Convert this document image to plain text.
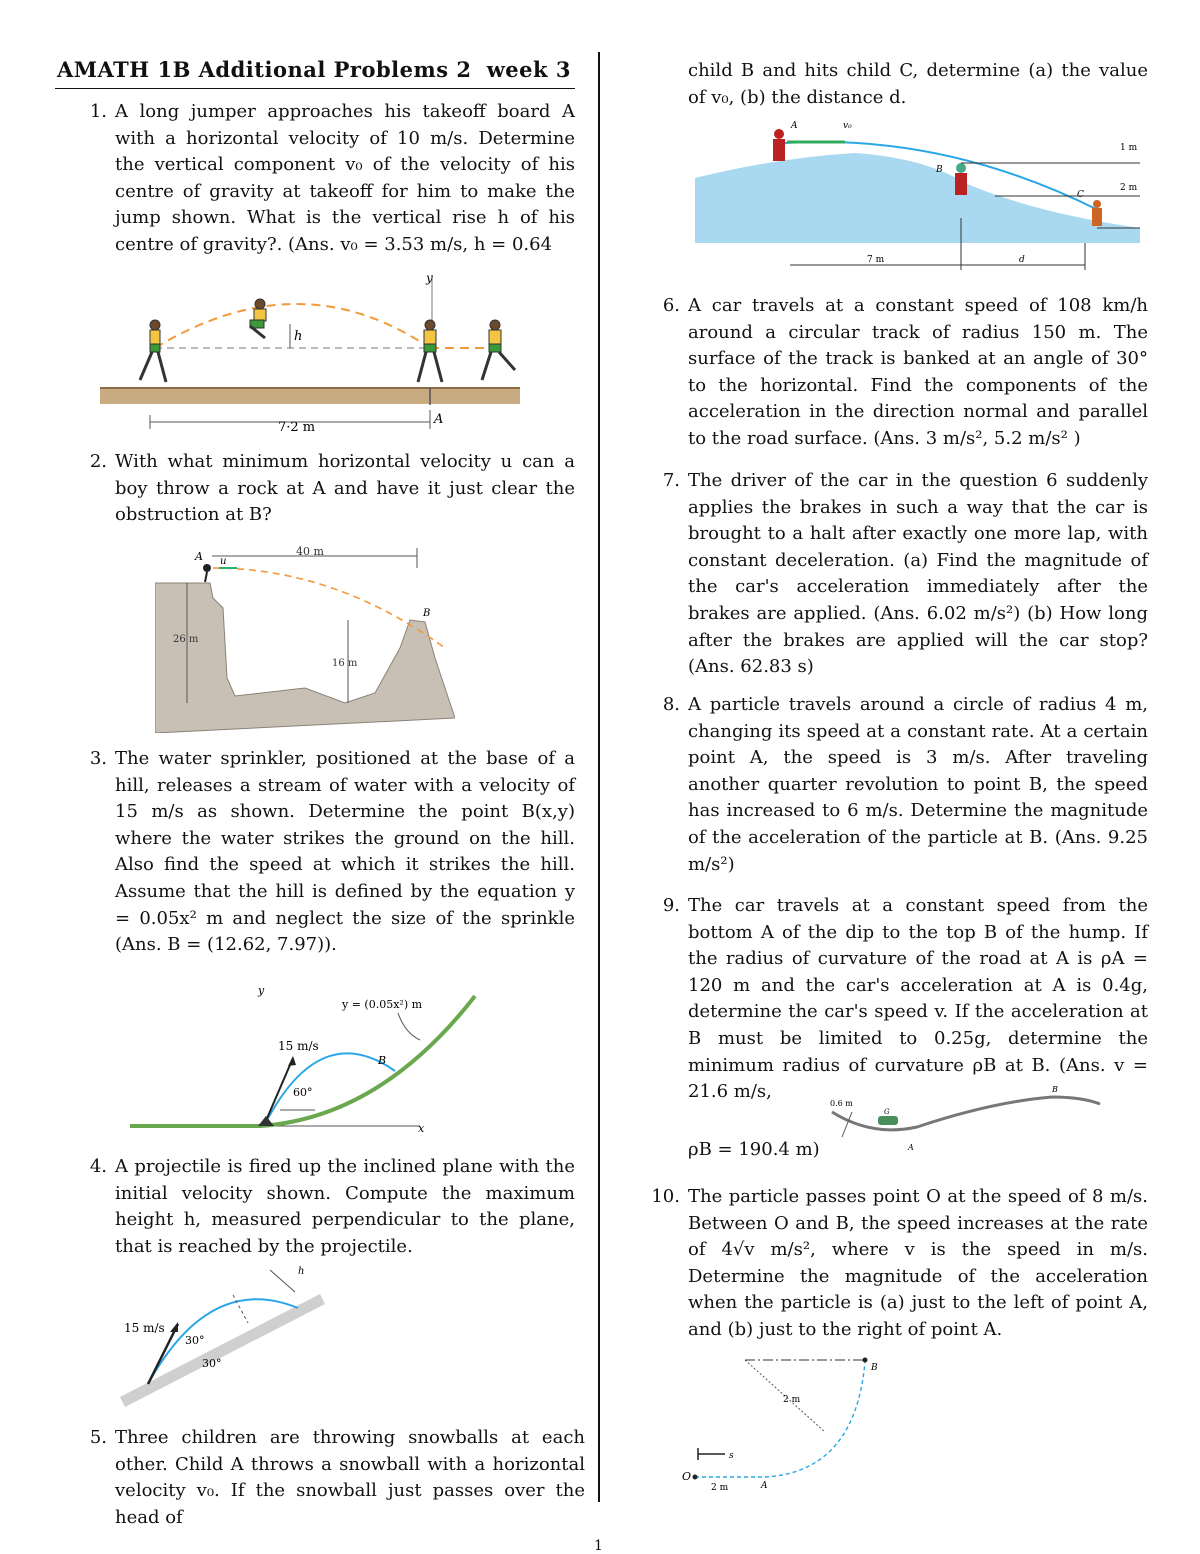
AMATH 1B Additional Problems 2 week 3
1. A long jumper approaches his takeoff board A with a horizontal velocity of 10 m/s. Determine the vertical component v₀ of the velocity of his centre of gravity at takeoff for him to make the jump shown. What is the vertical rise h of his centre of gravity?. (Ans. v₀ = 3.53 m/s, h = 0.64
y
h
7·2 m
A
2. With what minimum horizontal velocity u can a boy throw a rock at A and have it just clear the obstruction at B?
40 m
u
A
B
26 m
16 m
3. The water sprinkler, positioned at the base of a hill, releases a stream of water with a velocity of 15 m/s as shown. Determine the point B(x,y) where the water strikes the ground on the hill. Also find the speed at which it strikes the hill. Assume that the hill is defined by the equation y = 0.05x² m and neglect the size of the sprinkle (Ans. B = (12.62, 7.97)).
x
y
15 m/s
60°
B
y = (0.05x²) m
4. A projectile is fired up the inclined plane with the initial velocity shown. Compute the maximum height h, measured perpendicular to the plane, that is reached by the projectile.
15 m/s
30°
30°
h
5. Three children are throwing snowballs at each other. Child A throws a snowball with a horizontal velocity v₀. If the snowball just passes over the head of
child B and hits child C, determine (a) the value of v₀, (b) the distance d.
v₀
A
B
C
1 m
2 m
7 m	d
6. A car travels at a constant speed of 108 km/h around a circular track of radius 150 m. The surface of the track is banked at an angle of 30° to the horizontal. Find the components of the acceleration in the direction normal and parallel to the road surface. (Ans. 3 m/s², 5.2 m/s² )
7. The driver of the car in the question 6 suddenly applies the brakes in such a way that the car is brought to a halt after exactly one more lap, with constant deceleration. (a) Find the magnitude of the car's acceleration immediately after the brakes are applied. (Ans. 6.02 m/s²) (b) How long after the brakes are applied will the car stop? (Ans. 62.83 s)
8. A particle travels around a circle of radius 4 m, changing its speed at a constant rate. At a certain point A, the speed is 3 m/s. After traveling another quarter revolution to point B, the speed has increased to 6 m/s. Determine the magnitude of the acceleration of the particle at B. (Ans. 9.25 m/s²)
9. The car travels at a constant speed from the bottom A of the dip to the top B of the hump. If the radius of curvature of the road at A is ρA = 120 m and the car's acceleration at A is 0.4g, determine the car's speed v. If the acceleration at B must be limited to 0.25g, determine the minimum radius of curvature ρB at B. (Ans. v = 21.6 m/s,	B
A
G
0.6 m
ρB = 190.4 m)
10. The particle passes point O at the speed of 8 m/s. Between O and B, the speed increases at the rate of 4√v m/s², where v is the speed in m/s. Determine the magnitude of the acceleration when the particle is (a) just to the left of point A, and (b) just to the right of point A.
2 m
B
O
A
s
2 m
1
